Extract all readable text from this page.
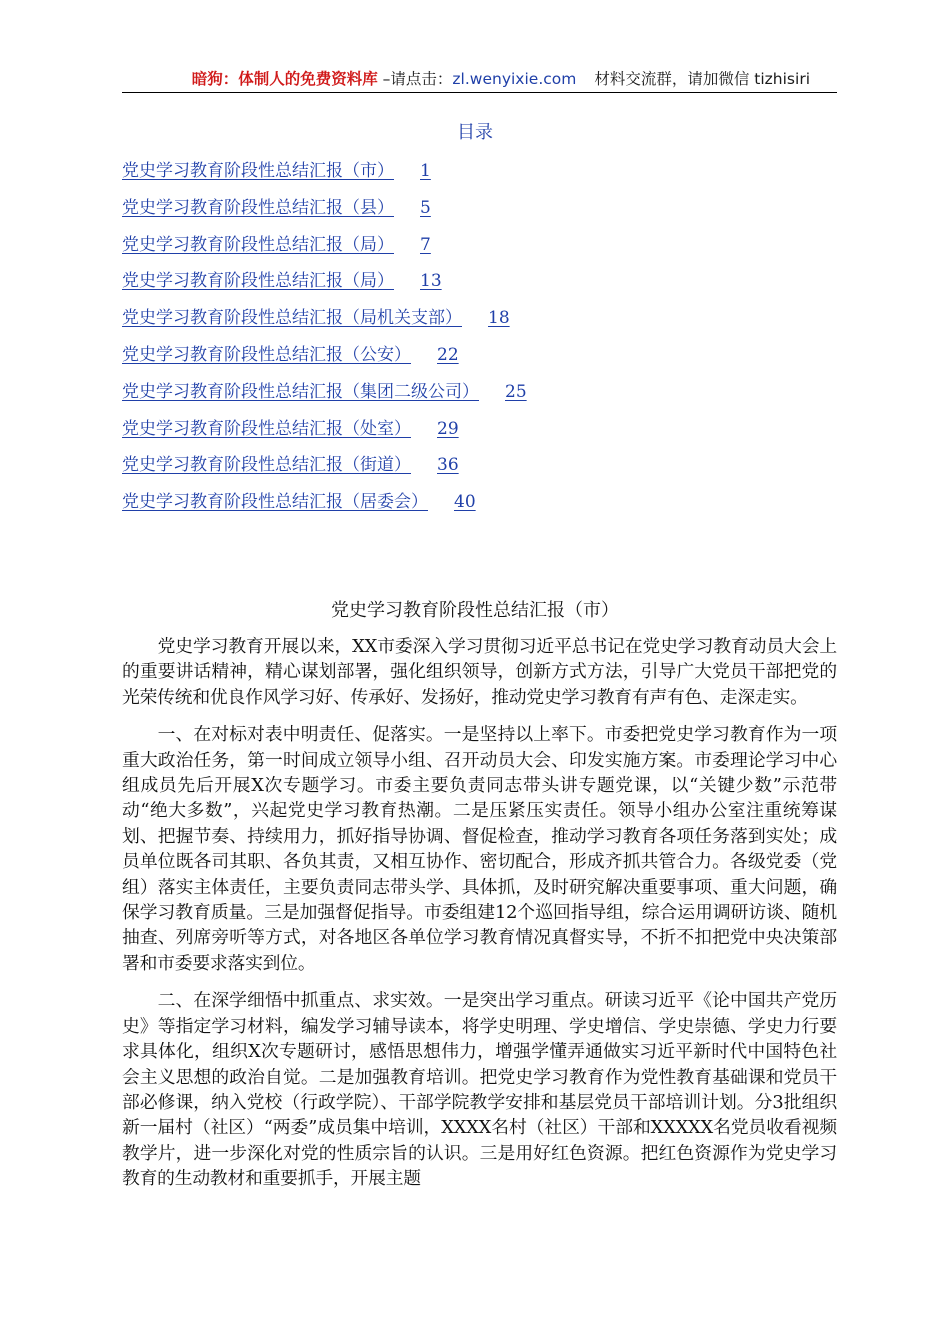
暗狗：体制人的免费资料库 –请点击：zl.wenyixie.com 材料交流群，请加微信 tizhisiri
目录
党史学习教育阶段性总结汇报（市） 1
党史学习教育阶段性总结汇报（县） 5
党史学习教育阶段性总结汇报（局） 7
党史学习教育阶段性总结汇报（局） 13
党史学习教育阶段性总结汇报（局机关支部） 18
党史学习教育阶段性总结汇报（公安） 22
党史学习教育阶段性总结汇报（集团二级公司） 25
党史学习教育阶段性总结汇报（处室） 29
党史学习教育阶段性总结汇报（街道） 36
党史学习教育阶段性总结汇报（居委会） 40
党史学习教育阶段性总结汇报（市）

党史学习教育开展以来，XX市委深入学习贯彻习近平总书记在党史学习教育动员大会上的重要讲话精神，精心谋划部署，强化组织领导，创新方式方法，引导广大党员干部把党的光荣传统和优良作风学习好、传承好、发扬好，推动党史学习教育有声有色、走深走实。

一、在对标对表中明责任、促落实。一是坚持以上率下。市委把党史学习教育作为一项重大政治任务，第一时间成立领导小组、召开动员大会、印发实施方案。市委理论学习中心组成员先后开展X次专题学习。市委主要负责同志带头讲专题党课，以“关键少数”示范带动“绝大多数”，兴起党史学习教育热潮。二是压紧压实责任。领导小组办公室注重统筹谋划、把握节奏、持续用力，抓好指导协调、督促检查，推动学习教育各项任务落到实处；成员单位既各司其职、各负其责，又相互协作、密切配合，形成齐抓共管合力。各级党委（党组）落实主体责任，主要负责同志带头学、具体抓，及时研究解决重要事项、重大问题，确保学习教育质量。三是加强督促指导。市委组建12个巡回指导组，综合运用调研访谈、随机抽查、列席旁听等方式，对各地区各单位学习教育情况真督实导，不折不扣把党中央决策部署和市委要求落实到位。

二、在深学细悟中抓重点、求实效。一是突出学习重点。研读习近平《论中国共产党历史》等指定学习材料，编发学习辅导读本，将学史明理、学史增信、学史崇德、学史力行要求具体化，组织X次专题研讨，感悟思想伟力，增强学懂弄通做实习近平新时代中国特色社会主义思想的政治自觉。二是加强教育培训。把党史学习教育作为党性教育基础课和党员干部必修课，纳入党校（行政学院）、干部学院教学安排和基层党员干部培训计划。分3批组织新一届村（社区）“两委”成员集中培训，XXXX名村（社区）干部和XXXXX名党员收看视频教学片，进一步深化对党的性质宗旨的认识。三是用好红色资源。把红色资源作为党史学习教育的生动教材和重要抓手，开展主题
